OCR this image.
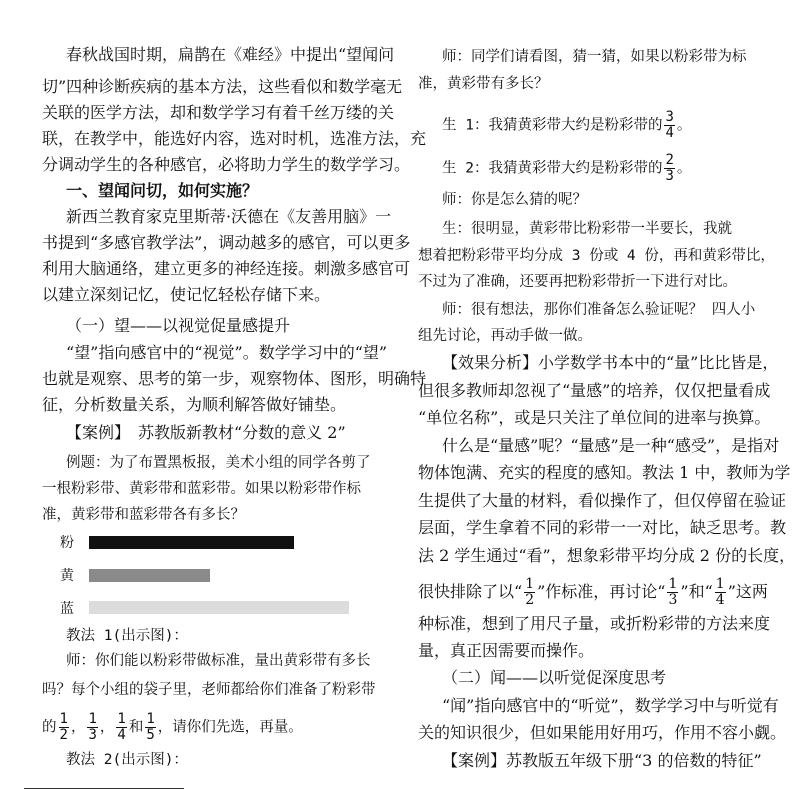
春秋战国时期，扁鹊在《难经》中提出“望闻问
切”四种诊断疾病的基本方法，这些看似和数学毫无
关联的医学方法，却和数学学习有着千丝万缕的关
联，在教学中，能选好内容，选对时机，选准方法，充
分调动学生的各种感官，必将助力学生的数学学习。
一、望闻问切，如何实施？
新西兰教育家克里斯蒂·沃德在《友善用脑》一
书提到“多感官教学法”，调动越多的感官，可以更多
利用大脑通络，建立更多的神经连接。刺激多感官可
以建立深刻记忆，使记忆轻松存储下来。
（一）望——以视觉促量感提升
“望”指向感官中的“视觉”。数学学习中的“望”
也就是观察、思考的第一步，观察物体、图形，明确特
征，分析数量关系，为顺利解答做好铺垫。
【案例】　苏教版新教材“分数的意义 2”
例题：为了布置黑板报，美术小组的同学各剪了
一根粉彩带、黄彩带和蓝彩带。如果以粉彩带作标
准，黄彩带和蓝彩带各有多长？
粉
黄
蓝
教法 1(出示图)：
师：你们能以粉彩带做标准，量出黄彩带有多长
吗？每个小组的袋子里，老师都给你们准备了粉彩带
的 $\frac{1}{2}$ ， $\frac{1}{3}$ ， $\frac{1}{4}$ 和 $\frac{1}{5}$ ，请你们先选，再量。
教法 2(出示图)：
师：同学们请看图，猜一猜，如果以粉彩带为标
准，黄彩带有多长？
生 1：我猜黄彩带大约是粉彩带的 $\frac{3}{4}$ 。
生 2：我猜黄彩带大约是粉彩带的 $\frac{2}{3}$ 。
师：你是怎么猜的呢？
生：很明显，黄彩带比粉彩带一半要长，我就
想着把粉彩带平均分成 3 份或 4 份，再和黄彩带比，
不过为了准确，还要再把粉彩带折一下进行对比。
师：很有想法，那你们准备怎么验证呢？ 四人小
组先讨论，再动手做一做。
【效果分析】小学数学书本中的“量”比比皆是，
但很多教师却忽视了“量感”的培养，仅仅把量看成
“单位名称”，或是只关注了单位间的进率与换算。
什么是“量感”呢？“量感”是一种“感受”，是指对
物体饱满、充实的程度的感知。教法 1 中，教师为学
生提供了大量的材料，看似操作了，但仅停留在验证
层面，学生拿着不同的彩带一一对比，缺乏思考。教
法 2 学生通过“看”，想象彩带平均分成 2 份的长度，
很快排除了以“ $\frac{1}{2}$ ”作标准，再讨论“ $\frac{1}{3}$ ”和“ $\frac{1}{4}$ ”这两
种标准，想到了用尺子量，或折粉彩带的方法来度
量，真正因需要而操作。
（二）闻——以听觉促深度思考
“闻”指向感官中的“听觉”，数学学习中与听觉有
关的知识很少，但如果能用好用巧，作用不容小觑。
【案例】苏教版五年级下册“3 的倍数的特征”
